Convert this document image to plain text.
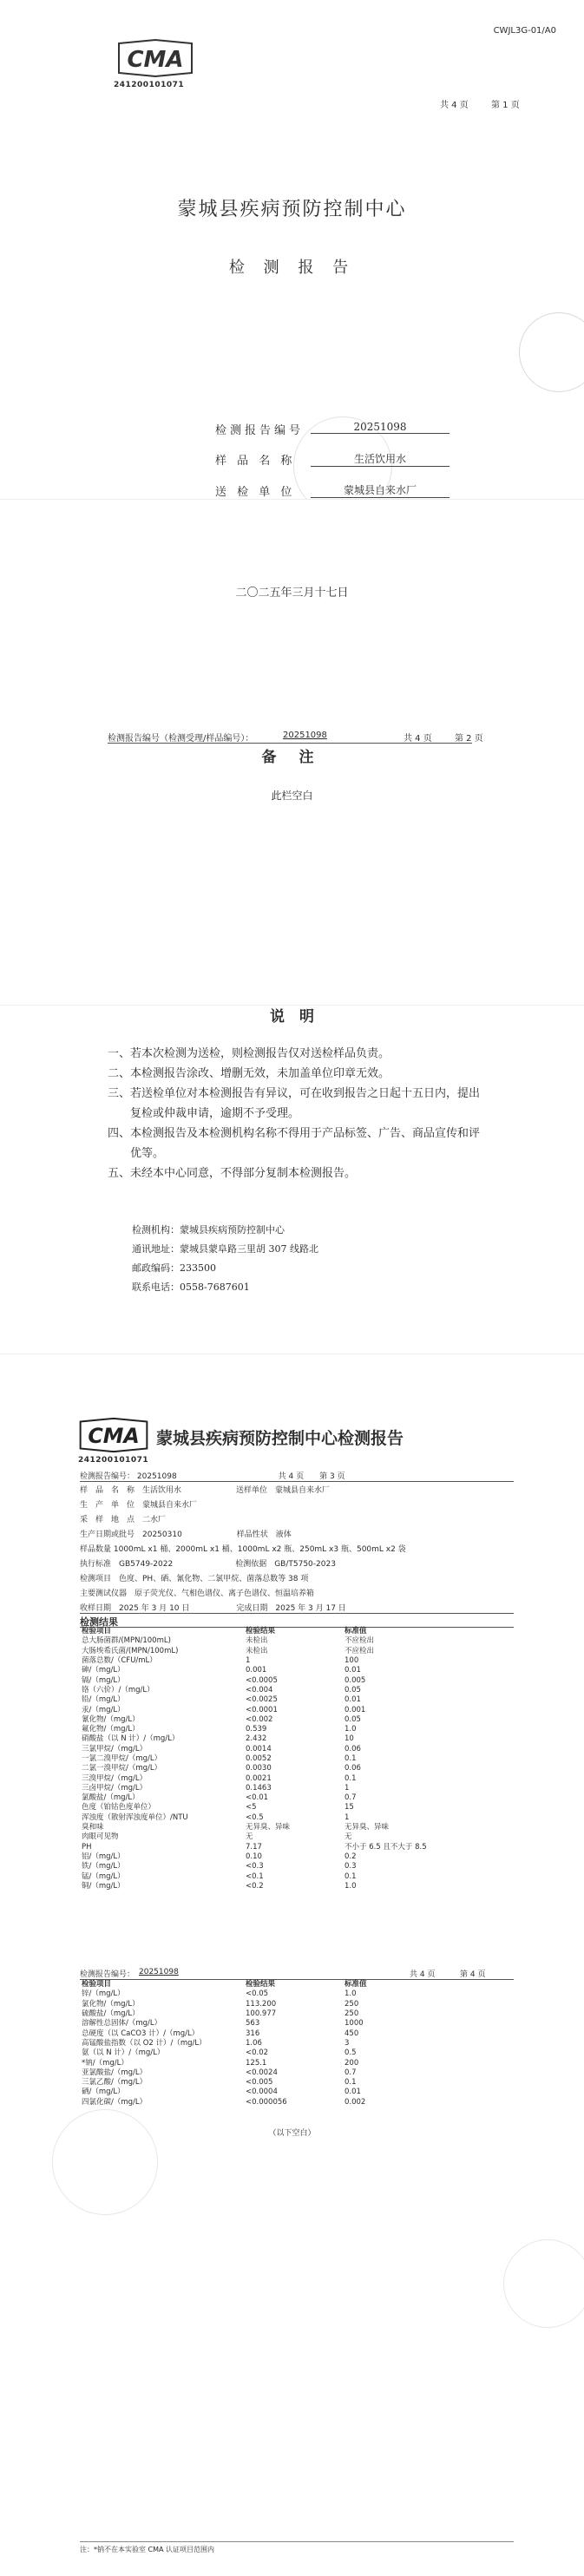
CMA
241200101071
CWJL3G-01/A0
共 4 页	第 1 页
蒙城县疾病预防控制中心
检 测 报 告
检测报告编号	20251098
样 品 名 称	生活饮用水
送 检 单 位	蒙城县自来水厂
二〇二五年三月十七日
检测报告编号（检测受理/样品编号）：	20251098	共 4 页	第 2 页
备 注
此栏空白
说　明

一、若本次检测为送检，则检测报告仅对送检样品负责。

二、本检测报告涂改、增删无效，未加盖单位印章无效。

三、若送检单位对本检测报告有异议，可在收到报告之日起十五日内，提出复检或仲裁申请，逾期不予受理。

四、本检测报告及本检测机构名称不得用于产品标签、广告、商品宣传和评优等。

五、未经本中心同意，不得部分复制本检测报告。

检测机构：蒙城县疾病预防控制中心
通讯地址：蒙城县蒙阜路三里胡 307 线路北
邮政编码：233500
联系电话：0558-7687601
CMA
241200101071
蒙城县疾病预防控制中心检测报告
检测报告编号： 20251098　　　　　　　　　　　　　共 4 页　　第 3 页
样　品　名　称　生活饮用水　　　　　　　送样单位　蒙城县自来水厂
生　产　单　位　蒙城县自来水厂
采　样　地　点　二水厂
生产日期或批号　20250310　　　　　　　样品性状　液体
样品数量 1000mL x1 桶、2000mL x1 桶、1000mL x2 瓶、250mL x3 瓶、500mL x2 袋
执行标准　GB5749-2022　　　　　　　　检测依据　GB/T5750-2023
检测项目　色度、PH、硒、氰化物、二氯甲烷、菌落总数等 38 项
主要测试仪器　原子荧光仪、气相色谱仪、离子色谱仪、恒温培养箱
收样日期　2025 年 3 月 10 日　　　　　　完成日期　2025 年 3 月 17 日
检测结果
检验项目	检验结果	标准值
总大肠菌群/(MPN/100mL)	未检出	不应检出
大肠埃希氏菌/(MPN/100mL)	未检出	不应检出
菌落总数/（CFU/mL）	1	100
砷/（mg/L）	0.001	0.01
镉/（mg/L）	<0.0005	0.005
铬（六价）/（mg/L）	<0.004	0.05
铅/（mg/L）	<0.0025	0.01
汞/（mg/L）	<0.0001	0.001
氰化物/（mg/L）	<0.002	0.05
氟化物/（mg/L）	0.539	1.0
硝酸盐（以 N 计）/（mg/L）	2.432	10
三氯甲烷/（mg/L）	0.0014	0.06
一氯二溴甲烷/（mg/L）	0.0052	0.1
二氯一溴甲烷/（mg/L）	0.0030	0.06
三溴甲烷/（mg/L）	0.0021	0.1
三卤甲烷/（mg/L）	0.1463	1
氯酸盐/（mg/L）	<0.01	0.7
色度（铂钴色度单位）	<5	15
浑浊度（散射浑浊度单位）/NTU	<0.5	1
臭和味	无异臭、异味	无异臭、异味
肉眼可见物	无	无
PH	7.17	不小于 6.5 且不大于 8.5
铝/（mg/L）	0.10	0.2
铁/（mg/L）	<0.3	0.3
锰/（mg/L）	<0.1	0.1
铜/（mg/L）	<0.2	1.0
检测报告编号： 20251098	共 4 页	第 4 页
检验项目	检验结果	标准值
锌/（mg/L）	<0.05	1.0
氯化物/（mg/L）	113.200	250
硫酸盐/（mg/L）	100.977	250
溶解性总固体/（mg/L）	563	1000
总硬度（以 CaCO3 计）/（mg/L）	316	450
高锰酸盐指数（以 O2 计）/（mg/L）	1.06	3
氨（以 N 计）/（mg/L）	<0.02	0.5
*钠/（mg/L）	125.1	200
亚氯酸盐/（mg/L）	<0.0024	0.7
三氯乙酸/（mg/L）	<0.005	0.1
硒/（mg/L）	<0.0004	0.01
四氯化碳/（mg/L）	<0.000056	0.002
（以下空白）
注：*钠不在本实验室 CMA 认证项目范围内
